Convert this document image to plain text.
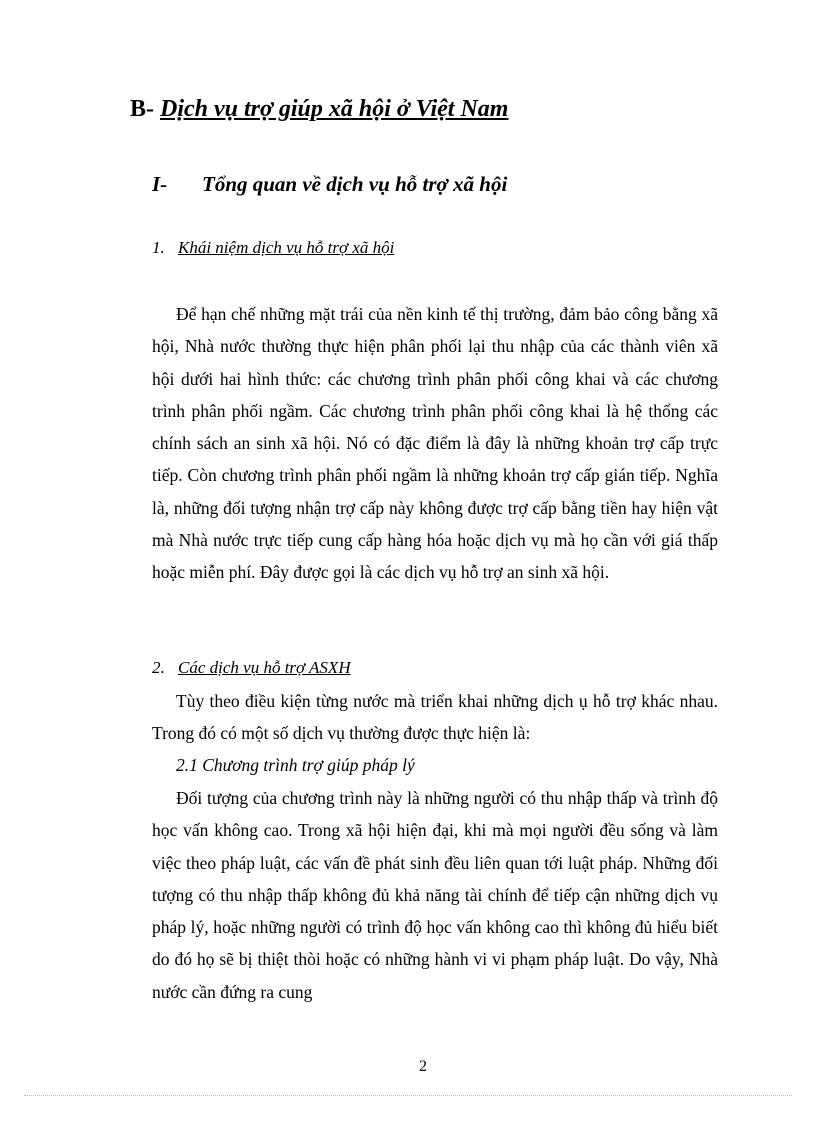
B- Dịch vụ trợ giúp xã hội ở Việt Nam
I- Tổng quan về dịch vụ hỗ trợ xã hội
1. Khái niệm dịch vụ hỗ trợ xã hội

Để hạn chế những mặt trái của nền kinh tế thị trường, đảm bảo công bằng xã hội, Nhà nước thường thực hiện phân phối lại thu nhập của các thành viên xã hội dưới hai hình thức: các chương trình phân phối công khai và các chương trình phân phối ngầm. Các chương trình phân phối công khai là hệ thống các chính sách an sinh xã hội. Nó có đặc điểm là đây là những khoản trợ cấp trực tiếp. Còn chương trình phân phối ngầm là những khoản trợ cấp gián tiếp. Nghĩa là, những đối tượng nhận trợ cấp này không được trợ cấp bằng tiền hay hiện vật mà Nhà nước trực tiếp cung cấp hàng hóa hoặc dịch vụ mà họ cần với giá thấp hoặc miễn phí. Đây được gọi là các dịch vụ hỗ trợ an sinh xã hội.

2. Các dịch vụ hỗ trợ ASXH

Tùy theo điều kiện từng nước mà triển khai những dịch ụ hỗ trợ khác nhau. Trong đó có một số dịch vụ thường được thực hiện là:

2.1 Chương trình trợ giúp pháp lý

Đối tượng của chương trình này là những người có thu nhập thấp và trình độ học vấn không cao. Trong xã hội hiện đại, khi mà mọi người đều sống và làm việc theo pháp luật, các vấn đề phát sinh đều liên quan tới luật pháp. Những đối tượng có thu nhập thấp không đủ khả năng tài chính để tiếp cận những dịch vụ pháp lý, hoặc những người có trình độ học vấn không cao thì không đủ hiểu biết do đó họ sẽ bị thiệt thòi hoặc có những hành vi vi phạm pháp luật. Do vậy, Nhà nước cần đứng ra cung

2
